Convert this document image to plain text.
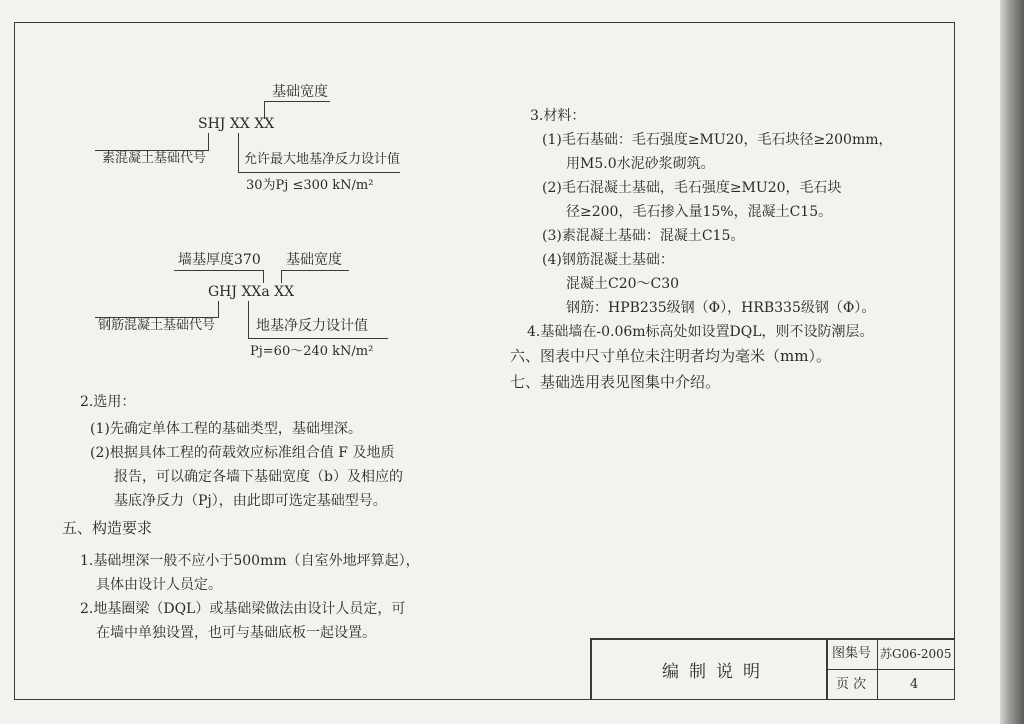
基础宽度
SHJ XX XX
素混凝土基础代号	允许最大地基净反力设计值
30为Pj ≤300 kN/m²
墙基厚度370 基础宽度
GHJ XXa XX
钢筋混凝土基础代号	地基净反力设计值
Pj=60～240 kN/m²
2.选用：
(1)先确定单体工程的基础类型，基础埋深。
(2)根据具体工程的荷载效应标准组合值 F 及地质
报告，可以确定各墙下基础宽度（b）及相应的
基底净反力（Pj），由此即可选定基础型号。
五、构造要求
1.基础埋深一般不应小于500mm（自室外地坪算起），
具体由设计人员定。
2.地基圈梁（DQL）或基础梁做法由设计人员定，可
在墙中单独设置，也可与基础底板一起设置。
3.材料：
(1)毛石基础：毛石强度≥MU20，毛石块径≥200mm，
用M5.0水泥砂浆砌筑。
(2)毛石混凝土基础，毛石强度≥MU20，毛石块
径≥200，毛石掺入量15%，混凝土C15。
(3)素混凝土基础：混凝土C15。
(4)钢筋混凝土基础：
混凝土C20～C30
钢筋：HPB235级钢（Φ），HRB335级钢（Φ）。
4.基础墙在-0.06m标高处如设置DQL，则不设防潮层。
六、图表中尺寸单位未注明者均为毫米（mm）。
七、基础选用表见图集中介绍。
编制说明
图集号 苏G06-2005
页 次	4
